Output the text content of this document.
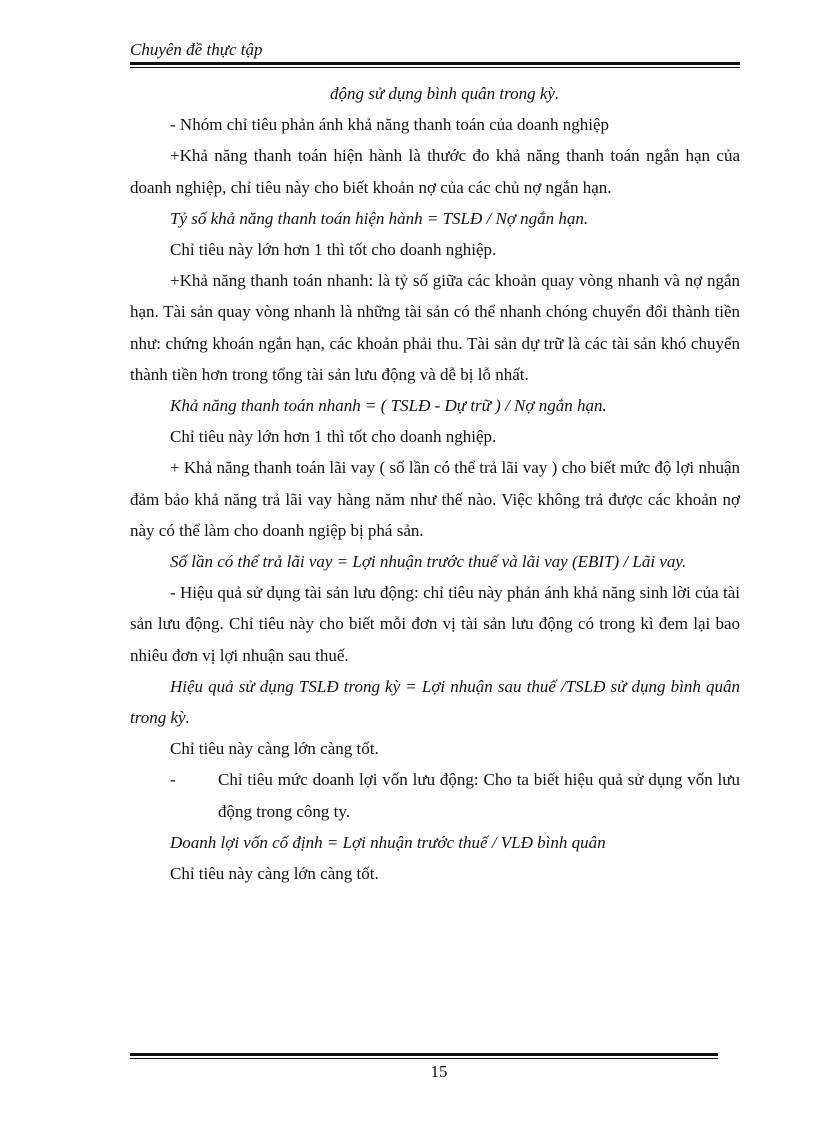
Chuyên đề thực tập

động sử dụng bình quân trong kỳ.

- Nhóm chỉ tiêu phản ánh khả năng thanh toán của doanh nghiệp

+Khả năng thanh toán hiện hành là thước đo khả năng thanh toán ngắn hạn của doanh nghiệp, chỉ tiêu này cho biết khoản nợ của các chủ nợ ngắn hạn.

Tỷ số khả năng thanh toán hiện hành = TSLĐ / Nợ ngắn hạn.

Chỉ tiêu này lớn hơn 1 thì tốt cho doanh nghiệp.

+Khả năng thanh toán nhanh: là tỷ số giữa các khoản quay vòng nhanh và nợ ngắn hạn. Tài sản quay vòng nhanh là những tài sản có thể nhanh chóng chuyển đổi thành tiền như: chứng khoán ngắn hạn, các khoản phải thu. Tài sản dự trữ là các tài sản khó chuyển thành tiền hơn trong tổng tài sản lưu động và dễ bị lỗ nhất.

Khả năng thanh toán nhanh = ( TSLĐ - Dự trữ ) / Nợ ngắn hạn.

Chỉ tiêu này lớn hơn 1 thì tốt cho doanh nghiệp.

+ Khả năng thanh toán lãi vay ( số lần có thể trả lãi vay ) cho biết mức độ lợi nhuận đảm bảo khả năng trả lãi vay hàng năm như thế nào. Việc không trả được các khoản nợ này có thể làm cho doanh ngiệp bị phá sản.

Số lần có thể trả lãi vay = Lợi nhuận trước thuế và lãi vay (EBIT) / Lãi vay.

- Hiệu quả sử dụng tài sản lưu động: chỉ tiêu này phản ánh khả năng sinh lời của tài sản lưu động. Chỉ tiêu này cho biết mỗi đơn vị tài sản lưu động có trong kì đem lại bao nhiêu đơn vị lợi nhuận sau thuế.

Hiệu quả sử dụng TSLĐ trong kỳ = Lợi nhuận sau thuế /TSLĐ sử dụng bình quân trong kỳ.

Chỉ tiêu này càng lớn càng tốt.

-	Chỉ tiêu mức doanh lợi vốn lưu động: Cho ta biết hiệu quả sử dụng vốn lưu động trong công ty.

Doanh lợi vốn cố định = Lợi nhuận trước thuế / VLĐ bình quân

Chỉ tiêu này càng lớn càng tốt.

15
